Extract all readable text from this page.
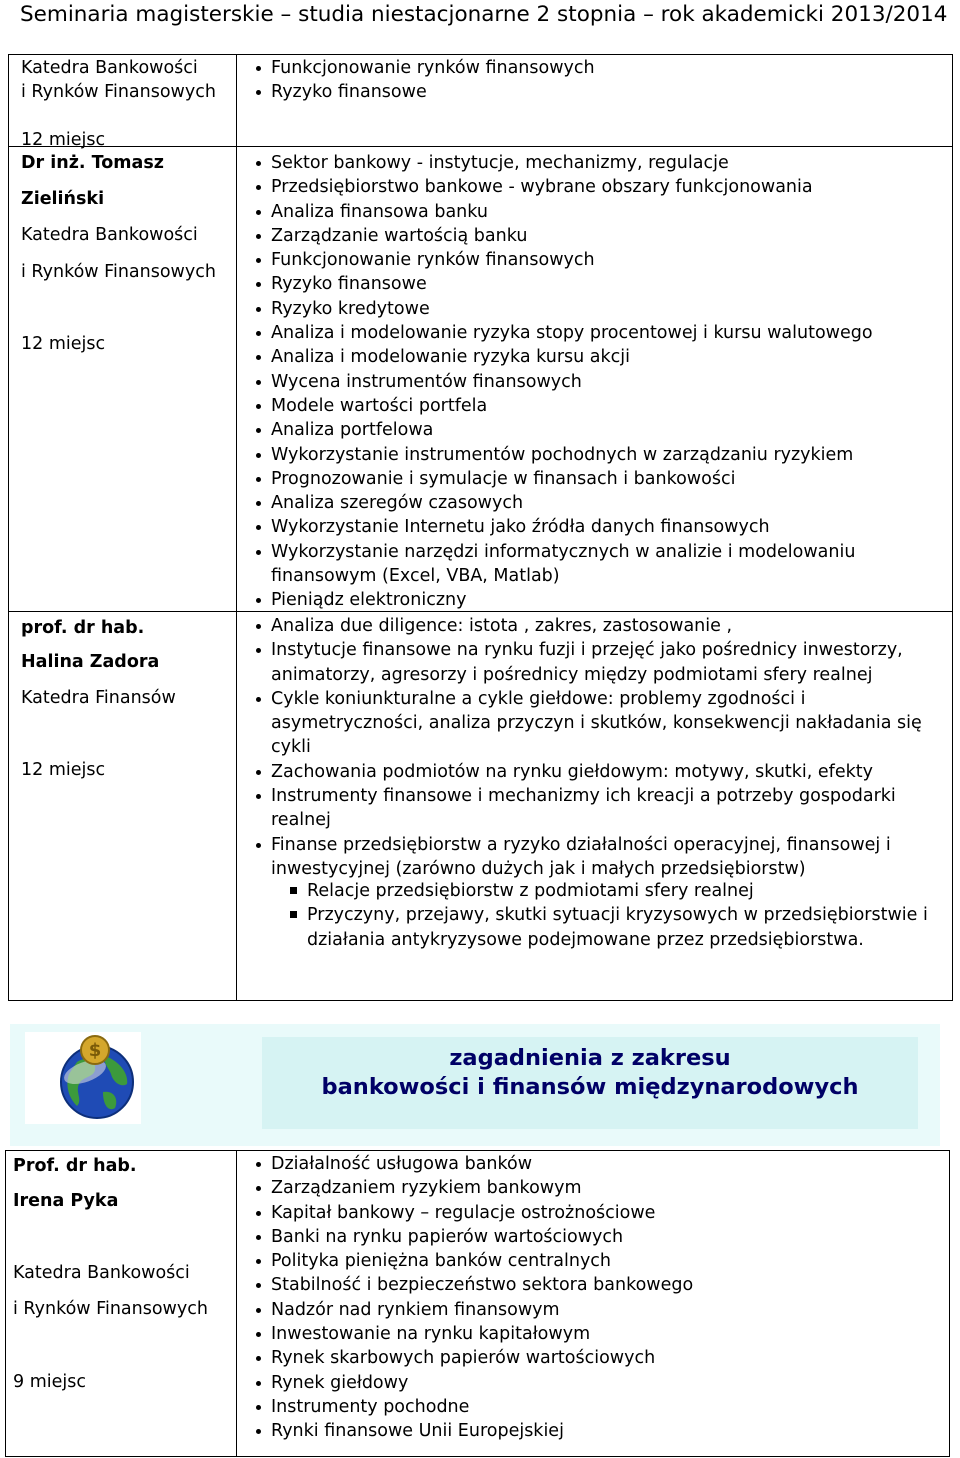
Seminaria magisterskie – studia niestacjonarne 2 stopnia – rok akademicki 2013/2014
Katedra Bankowości
i Rynków Finansowych
12 miejsc
Funkcjonowanie rynków finansowych
Ryzyko finansowe
Dr inż. Tomasz
Zieliński
Katedra Bankowości
i Rynków Finansowych
12 miejsc
Sektor bankowy - instytucje, mechanizmy, regulacje
Przedsiębiorstwo bankowe - wybrane obszary funkcjonowania
Analiza finansowa banku
Zarządzanie wartością banku
Funkcjonowanie rynków finansowych
Ryzyko finansowe
Ryzyko kredytowe
Analiza i modelowanie ryzyka stopy procentowej i kursu walutowego
Analiza i modelowanie ryzyka kursu akcji
Wycena instrumentów finansowych
Modele wartości portfela
Analiza portfelowa
Wykorzystanie instrumentów pochodnych w zarządzaniu ryzykiem
Prognozowanie i symulacje w finansach i bankowości
Analiza szeregów czasowych
Wykorzystanie Internetu jako źródła danych finansowych
Wykorzystanie narzędzi informatycznych w analizie i modelowaniu finansowym (Excel, VBA, Matlab)
Pieniądz elektroniczny
prof. dr hab.
Halina Zadora
Katedra Finansów
12 miejsc
Analiza due diligence: istota , zakres, zastosowanie ,
Instytucje finansowe na rynku fuzji i przejęć jako pośrednicy inwestorzy, animatorzy, agresorzy i pośrednicy między podmiotami sfery realnej
Cykle koniunkturalne a cykle giełdowe: problemy zgodności i asymetryczności, analiza przyczyn i skutków, konsekwencji nakładania się cykli
Zachowania podmiotów na rynku giełdowym: motywy, skutki, efekty
Instrumenty finansowe i mechanizmy ich kreacji a potrzeby gospodarki realnej
Finanse przedsiębiorstw a ryzyko działalności operacyjnej, finansowej i inwestycyjnej (zarówno dużych jak i małych przedsiębiorstw)
Relacje przedsiębiorstw z podmiotami sfery realnej
Przyczyny, przejawy, skutki sytuacji kryzysowych w przedsiębiorstwie i działania antykryzysowe podejmowane przez przedsiębiorstwa.
$	zagadnienia z zakresu
bankowości i finansów międzynarodowych
Prof. dr hab.
Irena Pyka
Katedra Bankowości
i Rynków Finansowych
9 miejsc
Działalność usługowa banków
Zarządzaniem ryzykiem bankowym
Kapitał bankowy – regulacje ostrożnościowe
Banki na rynku papierów wartościowych
Polityka pieniężna banków centralnych
Stabilność i bezpieczeństwo sektora bankowego
Nadzór nad rynkiem finansowym
Inwestowanie na rynku kapitałowym
Rynek skarbowych papierów wartościowych
Rynek giełdowy
Instrumenty pochodne
Rynki finansowe Unii Europejskiej
